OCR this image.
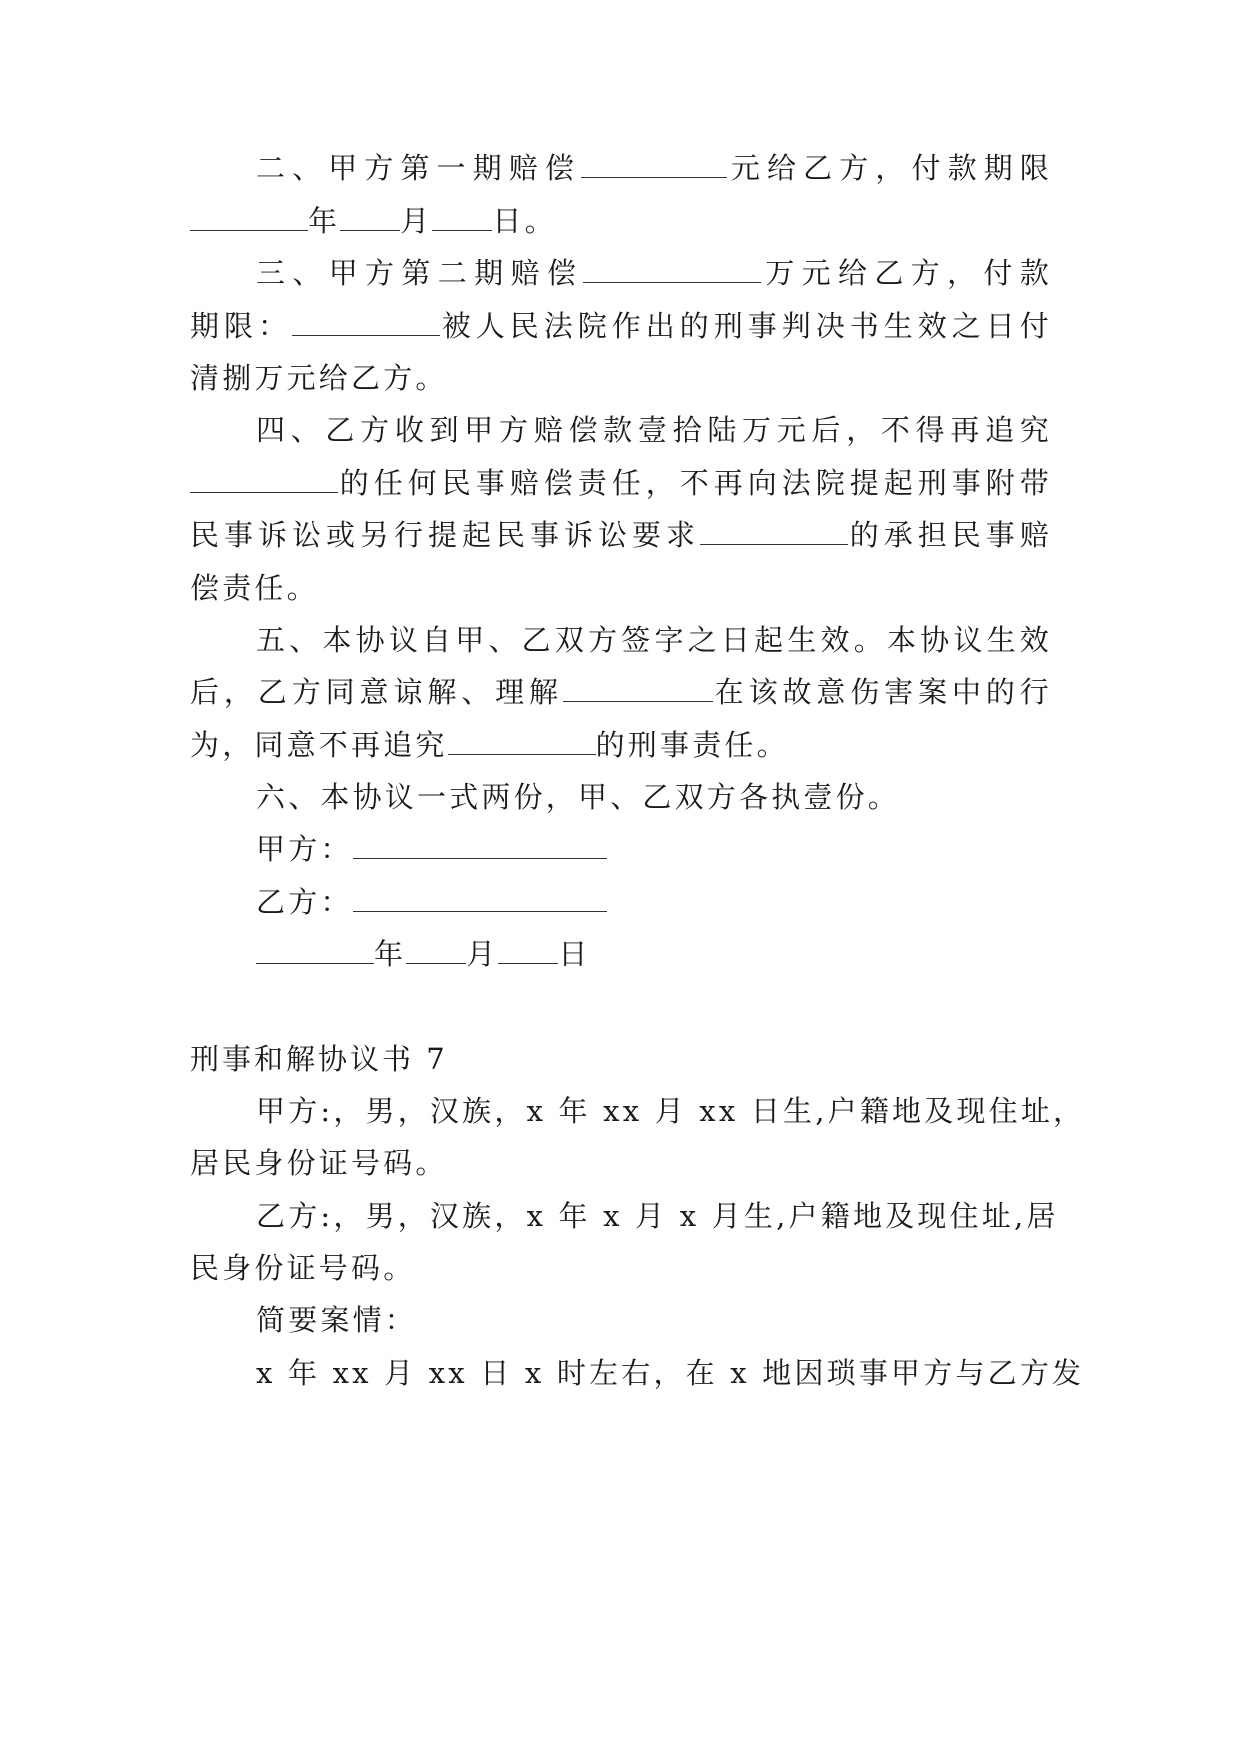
二、甲方第一期赔偿	元给乙方，付款期限
年 月 日。
三、甲方第二期赔偿	万元给乙方，付款
期限：	被人民法院作出的刑事判决书生效之日付
清捌万元给乙方。
四、乙方收到甲方赔偿款壹拾陆万元后，不得再追究
的任何民事赔偿责任，不再向法院提起刑事附带
民事诉讼或另行提起民事诉讼要求	的承担民事赔
偿责任。
五、本协议自甲、乙双方签字之日起生效。本协议生效
后，乙方同意谅解、理解	在该故意伤害案中的行
为，同意不再追究	的刑事责任。
六、本协议一式两份，甲、乙双方各执壹份。
甲方：
乙方：
年 月 日
刑事和解协议书 7
甲方:，男，汉族，x 年 xx 月 xx 日生,户籍地及现住址，
居民身份证号码。
乙方:，男，汉族，x 年 x 月 x 月生,户籍地及现住址,居
民身份证号码。
简要案情：
x 年 xx 月 xx 日 x 时左右，在 x 地因琐事甲方与乙方发
